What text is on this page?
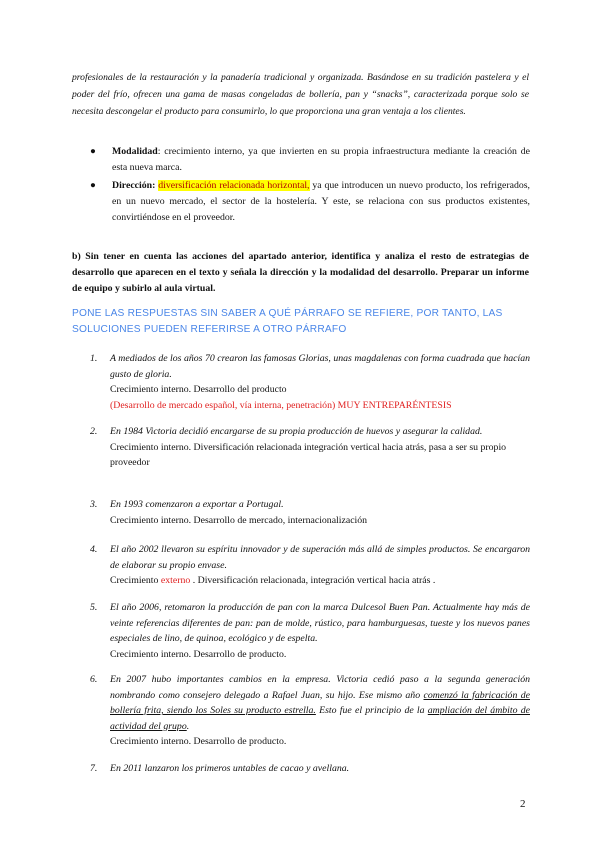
profesionales de la restauración y la panadería tradicional y organizada. Basándose en su tradición pastelera y el poder del frío, ofrecen una gama de masas congeladas de bollería, pan y “snacks”, caracterizada porque solo se necesita descongelar el producto para consumirlo, lo que proporciona una gran ventaja a los clientes.

● Modalidad: crecimiento interno, ya que invierten en su propia infraestructura mediante la creación de esta nueva marca.
● Dirección: diversificación relacionada horizontal, ya que introducen un nuevo producto, los refrigerados, en un nuevo mercado, el sector de la hostelería. Y este, se relaciona con sus productos existentes, convirtiéndose en el proveedor.

b) Sin tener en cuenta las acciones del apartado anterior, identifica y analiza el resto de estrategias de desarrollo que aparecen en el texto y señala la dirección y la modalidad del desarrollo. Preparar un informe de equipo y subirlo al aula virtual.

PONE LAS RESPUESTAS SIN SABER A QUÉ PÁRRAFO SE REFIERE, POR TANTO, LAS SOLUCIONES PUEDEN REFERIRSE A OTRO PÁRRAFO

1. A mediados de los años 70 crearon las famosas Glorias, unas magdalenas con forma cuadrada que hacían gusto de gloria.

Crecimiento interno. Desarrollo del producto

(Desarrollo de mercado español, vía interna, penetración) MUY ENTREPARÉNTESIS

2. En 1984 Victoria decidió encargarse de su propia producción de huevos y asegurar la calidad.

Crecimiento interno. Diversificación relacionada integración vertical hacia atrás, pasa a ser su propio proveedor

3. En 1993 comenzaron a exportar a Portugal.

Crecimiento interno. Desarrollo de mercado, internacionalización

4. El año 2002 llevaron su espíritu innovador y de superación más allá de simples productos. Se encargaron de elaborar su propio envase.

Crecimiento externo . Diversificación relacionada, integración vertical hacia atrás .

5. El año 2006, retomaron la producción de pan con la marca Dulcesol Buen Pan. Actualmente hay más de veinte referencias diferentes de pan: pan de molde, rústico, para hamburguesas, tueste y los nuevos panes especiales de lino, de quinoa, ecológico y de espelta.

Crecimiento interno. Desarrollo de producto.

6. En 2007 hubo importantes cambios en la empresa. Victoria cedió paso a la segunda generación nombrando como consejero delegado a Rafael Juan, su hijo. Ese mismo año comenzó la fabricación de bollería frita, siendo los Soles su producto estrella. Esto fue el principio de la ampliación del ámbito de actividad del grupo.

Crecimiento interno. Desarrollo de producto.

7. En 2011 lanzaron los primeros untables de cacao y avellana.

2
